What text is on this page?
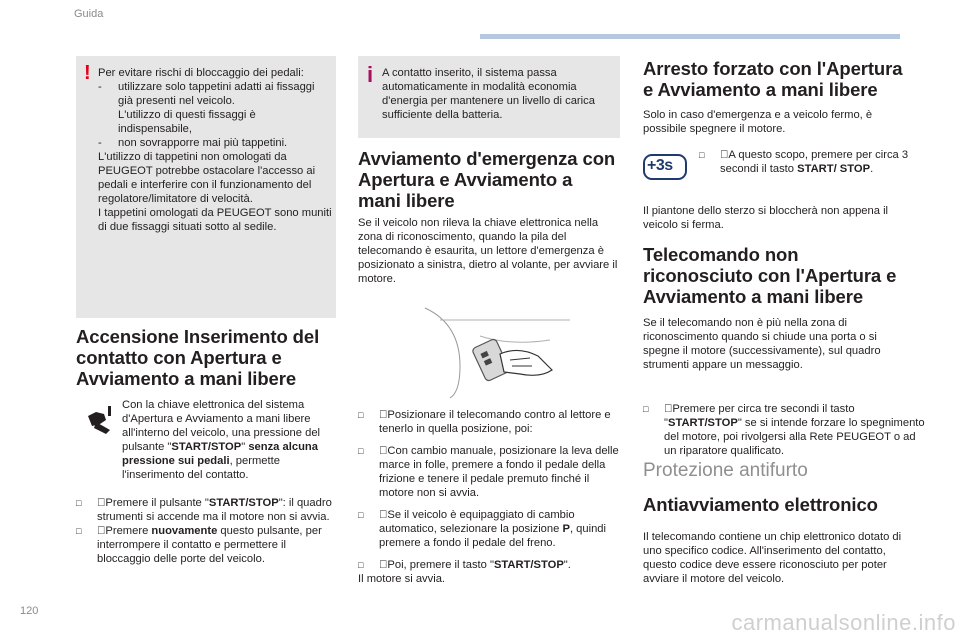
Guida
120	carmanualsonline.info
! Per evitare rischi di bloccaggio dei pedali:
- utilizzare solo tappetini adatti ai fissaggi già presenti nel veicolo.
L'utilizzo di questi fissaggi è indispensabile,
- non sovrapporre mai più tappetini.
L'utilizzo di tappetini non omologati da PEUGEOT potrebbe ostacolare l'accesso ai pedali e interferire con il funzionamento del regolatore/limitatore di velocità.
I tappetini omologati da PEUGEOT sono muniti di due fissaggi situati sotto al sedile.
Accensione Inserimento del contatto con Apertura e Avviamento a mani libere
Con la chiave elettronica del sistema d'Apertura e Avviamento a mani libere all'interno del veicolo, una pressione del pulsante "START/STOP" senza alcuna pressione sui pedali, permette l'inserimento del contatto.
□ Premere il pulsante "START/STOP": il quadro strumenti si accende ma il motore non si avvia.
□ Premere nuovamente questo pulsante, per interrompere il contatto e permettere il bloccaggio delle porte del veicolo.
i A contatto inserito, il sistema passa automaticamente in modalità economia d'energia per mantenere un livello di carica sufficiente della batteria.
Avviamento d'emergenza con Apertura e Avviamento a mani libere

Se il veicolo non rileva la chiave elettronica nella zona di riconoscimento, quando la pila del telecomando è esaurita, un lettore d'emergenza è posizionato a sinistra, dietro al volante, per avviare il motore.

□ Posizionare il telecomando contro al lettore e tenerlo in quella posizione, poi:
□ Con cambio manuale, posizionare la leva delle marce in folle, premere a fondo il pedale della frizione e tenere il pedale premuto finché il motore non si avvia.
□ Se il veicolo è equipaggiato di cambio automatico, selezionare la posizione P, quindi premere a fondo il pedale del freno.
□ Poi, premere il tasto "START/STOP".
Il motore si avvia.
Arresto forzato con l'Apertura e Avviamento a mani libere

Solo in caso d'emergenza e a veicolo fermo, è possibile spegnere il motore.

+3s
□ A questo scopo, premere per circa 3 secondi il tasto START/ STOP.

Il piantone dello sterzo si bloccherà non appena il veicolo si ferma.

Telecomando non riconosciuto con l'Apertura e Avviamento a mani libere

Se il telecomando non è più nella zona di riconoscimento quando si chiude una porta o si spegne il motore (successivamente), sul quadro strumenti appare un messaggio.

□ Premere per circa tre secondi il tasto "START/STOP" se si intende forzare lo spegnimento del motore, poi rivolgersi alla Rete PEUGEOT o ad un riparatore qualificato.
Protezione antifurto
Antiavviamento elettronico

Il telecomando contiene un chip elettronico dotato di uno specifico codice. All'inserimento del contatto, questo codice deve essere riconosciuto per poter avviare il motore del veicolo.
